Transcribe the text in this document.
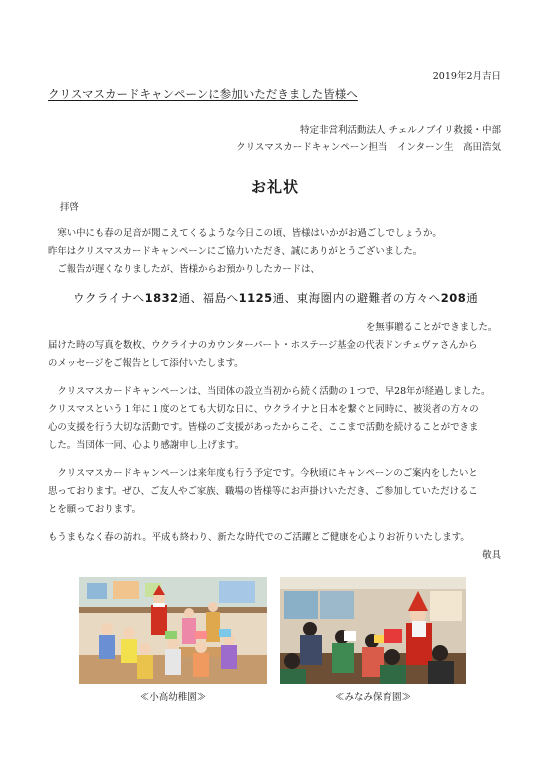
2019年2月吉日
クリスマスカードキャンペーンに参加いただきました皆様へ
特定非営利活動法人 チェルノブイリ救援・中部
クリスマスカードキャンペーン担当　インターン生　高田浩気
お礼状
拝啓
　寒い中にも春の足音が聞こえてくるような今日この頃、皆様はいかがお過ごしでしょうか。
昨年はクリスマスカードキャンペーンにご協力いただき、誠にありがとうございました。
　ご報告が遅くなりましたが、皆様からお預かりしたカードは、
ウクライナへ1832通、福島へ1125通、東海圏内の避難者の方々へ208通
を無事贈ることができました。
届けた時の写真を数枚、ウクライナのカウンターパート・ホステージ基金の代表ドンチェヴァさんから
のメッセージをご報告として添付いたします。
　クリスマスカードキャンペーンは、当団体の設立当初から続く活動の１つで、早28年が経過しました。
クリスマスという１年に１度のとても大切な日に、ウクライナと日本を繋ぐと同時に、被災者の方々の
心の支援を行う大切な活動です。皆様のご支援があったからこそ、ここまで活動を続けることができま
した。当団体一同、心より感謝申し上げます。
　クリスマスカードキャンペーンは来年度も行う予定です。今秋頃にキャンペーンのご案内をしたいと
思っております。ぜひ、ご友人やご家族、職場の皆様等にお声掛けいただき、ご参加していただけるこ
とを願っております。
もうまもなく春の訪れ。平成も終わり、新たな時代でのご活躍とご健康を心よりお祈りいたします。
敬具
≪小高幼稚園≫	≪みなみ保育園≫
